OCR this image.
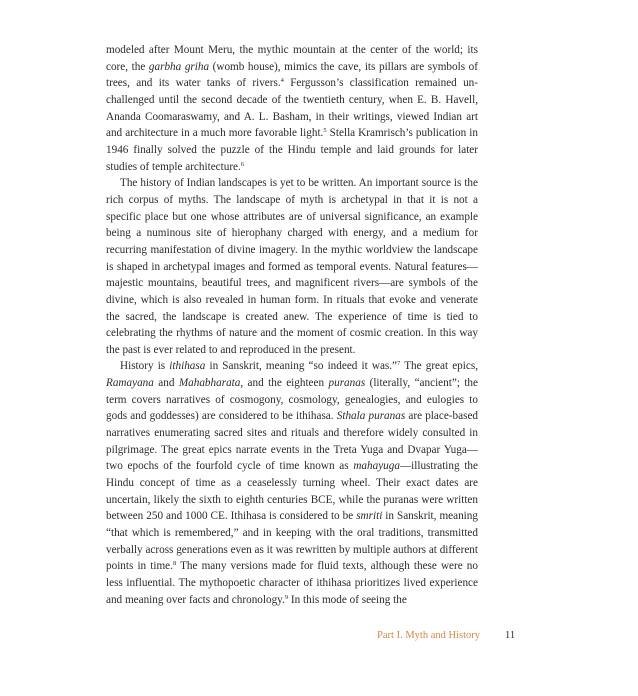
modeled after Mount Meru, the mythic mountain at the center of the world; its core, the garbha griha (womb house), mimics the cave, its pillars are symbols of trees, and its water tanks of rivers.$^4$ Fergusson’s classification remained unchallenged until the second decade of the twentieth century, when E. B. Havell, Ananda Coomaraswamy, and A. L. Basham, in their writings, viewed Indian art and architecture in a much more favorable light.$^5$ Stella Kramrisch’s publication in 1946 finally solved the puzzle of the Hindu temple and laid grounds for later studies of temple architecture.$^6$

The history of Indian landscapes is yet to be written. An important source is the rich corpus of myths. The landscape of myth is archetypal in that it is not a specific place but one whose attributes are of universal significance, an example being a numinous site of hierophany charged with energy, and a medium for recurring manifestation of divine imagery. In the mythic worldview the landscape is shaped in archetypal images and formed as temporal events. Natural features—majestic mountains, beautiful trees, and magnificent rivers—are symbols of the divine, which is also revealed in human form. In rituals that evoke and venerate the sacred, the landscape is created anew. The experience of time is tied to celebrating the rhythms of nature and the moment of cosmic creation. In this way the past is ever related to and reproduced in the present.

History is ithihasa in Sanskrit, meaning “so indeed it was.”$^7$ The great epics, Ramayana and Mahabharata, and the eighteen puranas (literally, “ancient”; the term covers narratives of cosmogony, cosmology, genealogies, and eulogies to gods and goddesses) are considered to be ithihasa. Sthala puranas are place-based narratives enumerating sacred sites and rituals and therefore widely consulted in pilgrimage. The great epics narrate events in the Treta Yuga and Dvapar Yuga—two epochs of the fourfold cycle of time known as mahayuga—illustrating the Hindu concept of time as a ceaselessly turning wheel. Their exact dates are uncertain, likely the sixth to eighth centuries BCE, while the puranas were written between 250 and 1000 CE. Ithihasa is considered to be smriti in Sanskrit, meaning “that which is remembered,” and in keeping with the oral traditions, transmitted verbally across generations even as it was rewritten by multiple authors at different points in time.$^8$ The many versions made for fluid texts, although these were no less influential. The mythopoetic character of ithihasa prioritizes lived experience and meaning over facts and chronology.$^9$ In this mode of seeing the

Part I. Myth and History 11
